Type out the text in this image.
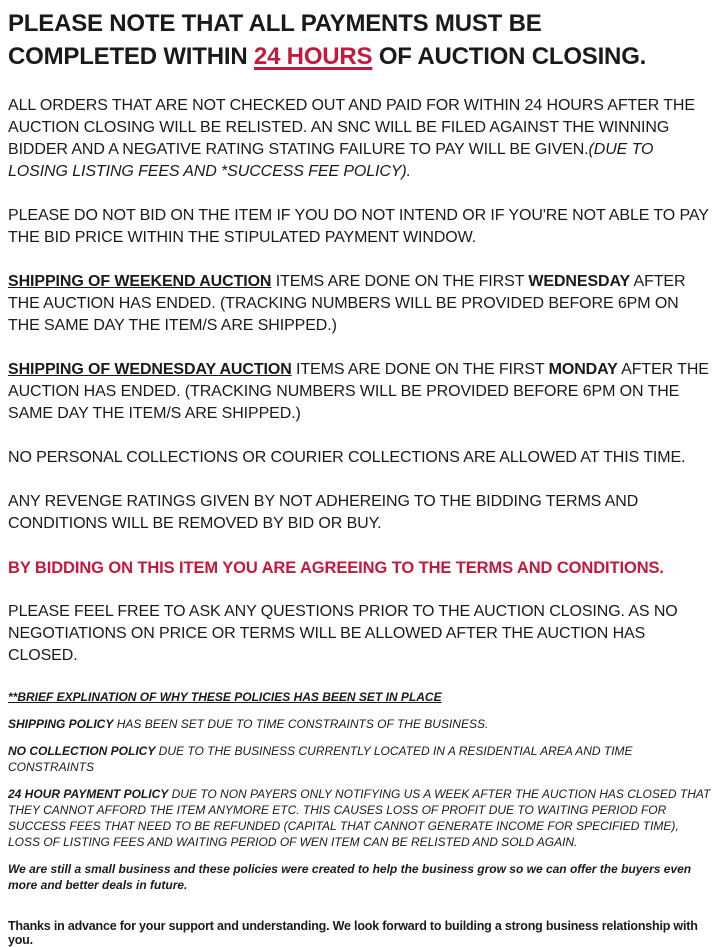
PLEASE NOTE THAT ALL PAYMENTS MUST BE COMPLETED WITHIN 24 HOURS OF AUCTION CLOSING.

ALL ORDERS THAT ARE NOT CHECKED OUT AND PAID FOR WITHIN 24 HOURS AFTER THE AUCTION CLOSING WILL BE RELISTED. AN SNC WILL BE FILED AGAINST THE WINNING BIDDER AND A NEGATIVE RATING STATING FAILURE TO PAY WILL BE GIVEN.(DUE TO LOSING LISTING FEES AND *SUCCESS FEE POLICY).

PLEASE DO NOT BID ON THE ITEM IF YOU DO NOT INTEND OR IF YOU'RE NOT ABLE TO PAY THE BID PRICE WITHIN THE STIPULATED PAYMENT WINDOW.

SHIPPING OF WEEKEND AUCTION ITEMS ARE DONE ON THE FIRST WEDNESDAY AFTER THE AUCTION HAS ENDED. (TRACKING NUMBERS WILL BE PROVIDED BEFORE 6PM ON THE SAME DAY THE ITEM/S ARE SHIPPED.)

SHIPPING OF WEDNESDAY AUCTION ITEMS ARE DONE ON THE FIRST MONDAY AFTER THE AUCTION HAS ENDED. (TRACKING NUMBERS WILL BE PROVIDED BEFORE 6PM ON THE SAME DAY THE ITEM/S ARE SHIPPED.)

NO PERSONAL COLLECTIONS OR COURIER COLLECTIONS ARE ALLOWED AT THIS TIME.

ANY REVENGE RATINGS GIVEN BY NOT ADHEREING TO THE BIDDING TERMS AND CONDITIONS WILL BE REMOVED BY BID OR BUY.

BY BIDDING ON THIS ITEM YOU ARE AGREEING TO THE TERMS AND CONDITIONS.

PLEASE FEEL FREE TO ASK ANY QUESTIONS PRIOR TO THE AUCTION CLOSING. AS NO NEGOTIATIONS ON PRICE OR TERMS WILL BE ALLOWED AFTER THE AUCTION HAS CLOSED.

**BRIEF EXPLINATION OF WHY THESE POLICIES HAS BEEN SET IN PLACE

SHIPPING POLICY HAS BEEN SET DUE TO TIME CONSTRAINTS OF THE BUSINESS.

NO COLLECTION POLICY DUE TO THE BUSINESS CURRENTLY LOCATED IN A RESIDENTIAL AREA AND TIME CONSTRAINTS

24 HOUR PAYMENT POLICY DUE TO NON PAYERS ONLY NOTIFYING US A WEEK AFTER THE AUCTION HAS CLOSED THAT THEY CANNOT AFFORD THE ITEM ANYMORE ETC. THIS CAUSES LOSS OF PROFIT DUE TO WAITING PERIOD FOR SUCCESS FEES THAT NEED TO BE REFUNDED (CAPITAL THAT CANNOT GENERATE INCOME FOR SPECIFIED TIME), LOSS OF LISTING FEES AND WAITING PERIOD OF WEN ITEM CAN BE RELISTED AND SOLD AGAIN.

We are still a small business and these policies were created to help the business grow so we can offer the buyers even more and better deals in future.

Thanks in advance for your support and understanding. We look forward to building a strong business relationship with you.
